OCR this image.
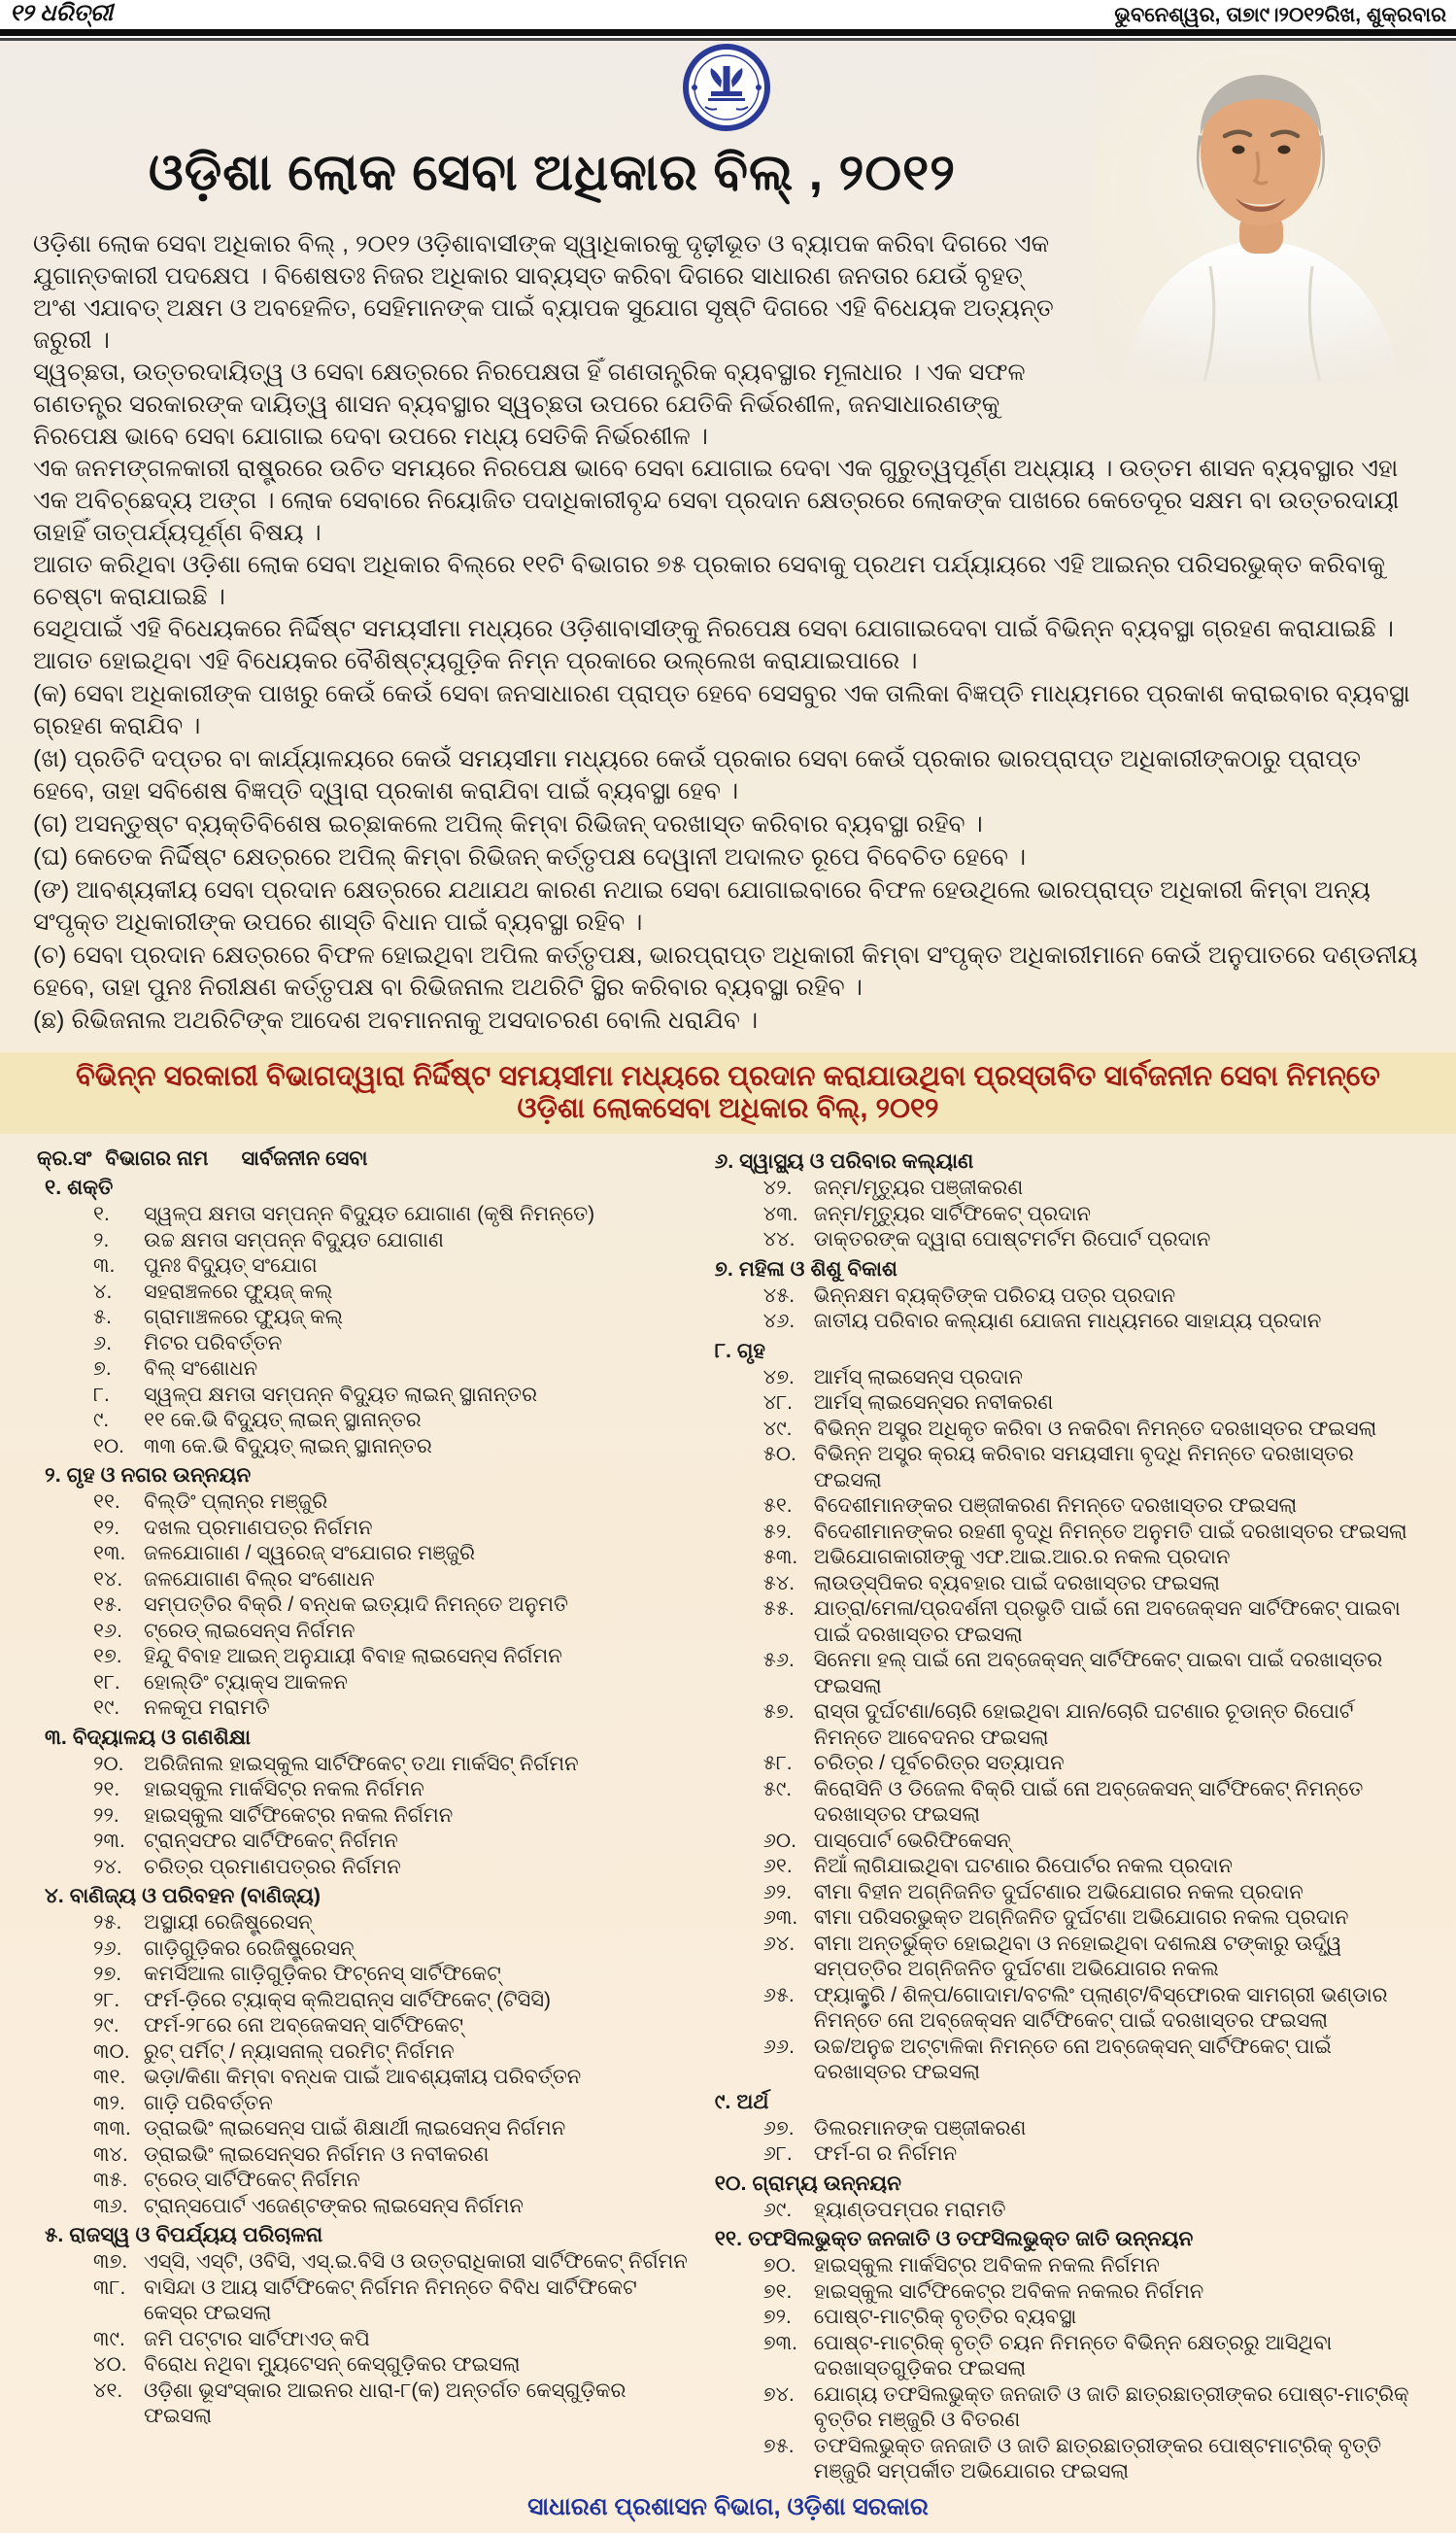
୧୨ ଧରିତ୍ରୀ	ଭୁବନେଶ୍ୱର, ତା୭ା୯।୨୦୧୨ରିଖ, ଶୁକ୍ରବାର
ଓଡ଼ିଶା ଲୋକ ସେବା ଅଧିକାର ବିଲ୍ , ୨୦୧୨

ଓଡ଼ିଶା ଲୋକ ସେବା ଅଧିକାର ବିଲ୍ , ୨୦୧୨ ଓଡ଼ିଶାବାସୀଙ୍କ ସ୍ୱାଧିକାରକୁ ଦୃଢ଼ୀଭୂତ ଓ ବ୍ୟାପକ କରିବା ଦିଗରେ ଏକ ଯୁଗାନ୍ତକାରୀ ପଦକ୍ଷେପ । ବିଶେଷତଃ ନିଜର ଅଧିକାର ସାବ୍ୟସ୍ତ କରିବା ଦିଗରେ ସାଧାରଣ ଜନତାର ଯେଉଁ ବୃହତ୍ ଅଂଶ ଏଯାବତ୍ ଅକ୍ଷମ ଓ ଅବହେଳିତ, ସେହିମାନଙ୍କ ପାଇଁ ବ୍ୟାପକ ସୁଯୋଗ ସୃଷ୍ଟି ଦିଗରେ ଏହି ବିଧେୟକ ଅତ୍ୟନ୍ତ ଜରୁରୀ ।

ସ୍ୱଚ୍ଛତା, ଉତ୍ତରଦାୟିତ୍ୱ ଓ ସେବା କ୍ଷେତ୍ରରେ ନିରପେକ୍ଷତା ହିଁ ଗଣତାନ୍ତ୍ରିକ ବ୍ୟବସ୍ଥାର ମୂଳାଧାର । ଏକ ସଫଳ ଗଣତନ୍ତ୍ର ସରକାରଙ୍କ ଦାୟିତ୍ୱ ଶାସନ ବ୍ୟବସ୍ଥାର ସ୍ୱଚ୍ଛତା ଉପରେ ଯେତିକି ନିର୍ଭରଶୀଳ, ଜନସାଧାରଣଙ୍କୁ ନିରପେକ୍ଷ ଭାବେ ସେବା ଯୋଗାଇ ଦେବା ଉପରେ ମଧ୍ୟ ସେତିକି ନିର୍ଭରଶୀଳ ।

ଏକ ଜନମଙ୍ଗଳକାରୀ ରାଷ୍ଟ୍ରରେ ଉଚିତ ସମୟରେ ନିରପେକ୍ଷ ଭାବେ ସେବା ଯୋଗାଇ ଦେବା ଏକ ଗୁରୁତ୍ୱପୂର୍ଣ୍ଣ ଅଧ୍ୟାୟ । ଉତ୍ତମ ଶାସନ ବ୍ୟବସ୍ଥାର ଏହା ଏକ ଅବିଚ୍ଛେଦ୍ୟ ଅଙ୍ଗ । ଲୋକ ସେବାରେ ନିୟୋଜିତ ପଦାଧିକାରୀବୃନ୍ଦ ସେବା ପ୍ରଦାନ କ୍ଷେତ୍ରରେ ଲୋକଙ୍କ ପାଖରେ କେତେଦୂର ସକ୍ଷମ ବା ଉତ୍ତରଦାୟୀ ତାହାହିଁ ତାତ୍ପର୍ଯ୍ୟପୂର୍ଣ୍ଣ ବିଷୟ ।

ଆଗତ କରିଥିବା ଓଡ଼ିଶା ଲୋକ ସେବା ଅଧିକାର ବିଲ୍‌ରେ ୧୧ଟି ବିଭାଗର ୭୫ ପ୍ରକାର ସେବାକୁ ପ୍ରଥମ ପର୍ଯ୍ୟାୟରେ ଏହି ଆଇନ୍‌ର ପରିସରଭୁକ୍ତ କରିବାକୁ ଚେଷ୍ଟା କରାଯାଇଛି ।

ସେଥିପାଇଁ ଏହି ବିଧେୟକରେ ନିର୍ଦ୍ଦିଷ୍ଟ ସମୟସୀମା ମଧ୍ୟରେ ଓଡ଼ିଶାବାସୀଙ୍କୁ ନିରପେକ୍ଷ ସେବା ଯୋଗାଇଦେବା ପାଇଁ ବିଭିନ୍ନ ବ୍ୟବସ୍ଥା ଗ୍ରହଣ କରାଯାଇଛି । ଆଗତ ହୋଇଥିବା ଏହି ବିଧେୟକର ବୈଶିଷ୍ଟ୍ୟଗୁଡ଼ିକ ନିମ୍ନ ପ୍ରକାରେ ଉଲ୍ଲେଖ କରାଯାଇପାରେ ।

(କ) ସେବା ଅଧିକାରୀଙ୍କ ପାଖରୁ କେଉଁ କେଉଁ ସେବା ଜନସାଧାରଣ ପ୍ରାପ୍ତ ହେବେ ସେସବୁର ଏକ ତାଲିକା ବିଜ୍ଞପ୍ତି ମାଧ୍ୟମରେ ପ୍ରକାଶ କରାଇବାର ବ୍ୟବସ୍ଥା ଗ୍ରହଣ କରାଯିବ ।

(ଖ) ପ୍ରତିଟି ଦପ୍ତର ବା କାର୍ଯ୍ୟାଳୟରେ କେଉଁ ସମୟସୀମା ମଧ୍ୟରେ କେଉଁ ପ୍ରକାର ସେବା କେଉଁ ପ୍ରକାର ଭାରପ୍ରାପ୍ତ ଅଧିକାରୀଙ୍କଠାରୁ ପ୍ରାପ୍ତ ହେବେ, ତାହା ସବିଶେଷ ବିଜ୍ଞପ୍ତି ଦ୍ୱାରା ପ୍ରକାଶ କରାଯିବା ପାଇଁ ବ୍ୟବସ୍ଥା ହେବ ।

(ଗ) ଅସନ୍ତୁଷ୍ଟ ବ୍ୟକ୍ତିବିଶେଷ ଇଚ୍ଛାକଲେ ଅପିଲ୍ କିମ୍ବା ରିଭିଜନ୍ ଦରଖାସ୍ତ କରିବାର ବ୍ୟବସ୍ଥା ରହିବ ।

(ଘ) କେତେକ ନିର୍ଦ୍ଦିଷ୍ଟ କ୍ଷେତ୍ରରେ ଅପିଲ୍ କିମ୍ବା ରିଭିଜନ୍ କର୍ତ୍ତୃପକ୍ଷ ଦେୱାନୀ ଅଦାଲତ ରୂପେ ବିବେଚିତ ହେବେ ।

(ଙ) ଆବଶ୍ୟକୀୟ ସେବା ପ୍ରଦାନ କ୍ଷେତ୍ରରେ ଯଥାଯଥ କାରଣ ନଥାଇ ସେବା ଯୋଗାଇବାରେ ବିଫଳ ହେଉଥିଲେ ଭାରପ୍ରାପ୍ତ ଅଧିକାରୀ କିମ୍ବା ଅନ୍ୟ ସଂପୃକ୍ତ ଅଧିକାରୀଙ୍କ ଉପରେ ଶାସ୍ତି ବିଧାନ ପାଇଁ ବ୍ୟବସ୍ଥା ରହିବ ।

(ଚ) ସେବା ପ୍ରଦାନ କ୍ଷେତ୍ରରେ ବିଫଳ ହୋଇଥିବା ଅପିଲ କର୍ତ୍ତୃପକ୍ଷ, ଭାରପ୍ରାପ୍ତ ଅଧିକାରୀ କିମ୍ବା ସଂପୃକ୍ତ ଅଧିକାରୀମାନେ କେଉଁ ଅନୁପାତରେ ଦଣ୍ଡନୀୟ ହେବେ, ତାହା ପୁନଃ ନିରୀକ୍ଷଣ କର୍ତ୍ତୃପକ୍ଷ ବା ରିଭିଜନାଲ ଅଥରିଟି ସ୍ଥିର କରିବାର ବ୍ୟବସ୍ଥା ରହିବ ।

(ଛ) ରିଭିଜନାଲ ଅଥରିଟିଙ୍କ ଆଦେଶ ଅବମାନନାକୁ ଅସଦାଚରଣ ବୋଲି ଧରାଯିବ ।

ବିଭିନ୍ନ ସରକାରୀ ବିଭାଗଦ୍ୱାରା ନିର୍ଦ୍ଦିଷ୍ଟ ସମୟସୀମା ମଧ୍ୟରେ ପ୍ରଦାନ କରାଯାଉଥିବା ପ୍ରସ୍ତାବିତ ସାର୍ବଜନୀନ ସେବା ନିମନ୍ତେ ଓଡ଼ିଶା ଲୋକସେବା ଅଧିକାର ବିଲ୍, ୨୦୧୨
କ୍ର.ସଂ ବିଭାଗର ନାମ ସାର୍ବଜନୀନ ସେବା
୧. ଶକ୍ତି
୧.	ସ୍ୱଳ୍ପ କ୍ଷମତା ସମ୍ପନ୍ନ ବିଦ୍ୟୁତ ଯୋଗାଣ (କୃଷି ନିମନ୍ତେ)
୨.	ଉଚ୍ଚ କ୍ଷମତା ସମ୍ପନ୍ନ ବିଦ୍ୟୁତ ଯୋଗାଣ
୩.	ପୁନଃ ବିଦ୍ୟୁତ୍ ସଂଯୋଗ
୪.	ସହରାଞ୍ଚଳରେ ଫ୍ୟୁଜ୍ କଲ୍
୫.	ଗ୍ରାମାଞ୍ଚଳରେ ଫ୍ୟୁଜ୍ କଲ୍
୬.	ମିଟର ପରିବର୍ତ୍ତନ
୭.	ବିଲ୍ ସଂଶୋଧନ
୮.	ସ୍ୱଳ୍ପ କ୍ଷମତା ସମ୍ପନ୍ନ ବିଦ୍ୟୁତ ଲାଇନ୍ ସ୍ଥାନାନ୍ତର
୯.	୧୧ କେ.ଭି ବିଦ୍ୟୁତ୍ ଲାଇନ୍ ସ୍ଥାନାନ୍ତର
୧୦. ୩୩ କେ.ଭି ବିଦ୍ୟୁତ୍ ଲାଇନ୍ ସ୍ଥାନାନ୍ତର
୨. ଗୃହ ଓ ନଗର ଉନ୍ନୟନ
୧୧.	ବିଲ୍ଡିଂ ପ୍ଲାନ୍‌ର ମଞ୍ଜୁରି
୧୨.	ଦଖଲ ପ୍ରମାଣପତ୍ର ନିର୍ଗମନ
୧୩. ଜଳଯୋଗାଣ / ସ୍ୱରେଜ୍ ସଂଯୋଗର ମଞ୍ଜୁରି
୧୪.	ଜଳଯୋଗାଣ ବିଲ୍‌ର ସଂଶୋଧନ
୧୫.	ସମ୍ପତ୍ତିର ବିକ୍ରି / ବନ୍ଧକ ଇତ୍ୟାଦି ନିମନ୍ତେ ଅନୁମତି
୧୬.	ଟ୍ରେଡ୍ ଲାଇସେନ୍ସ ନିର୍ଗମନ
୧୭.	ହିନ୍ଦୁ ବିବାହ ଆଇନ୍ ଅନୁଯାୟୀ ବିବାହ ଲାଇସେନ୍ସ ନିର୍ଗମନ
୧୮.	ହୋଲ୍ଡିଂ ଟ୍ୟାକ୍ସ ଆକଳନ
୧୯.	ନଳକୂପ ମରାମତି
୩. ବିଦ୍ୟାଳୟ ଓ ଗଣଶିକ୍ଷା
୨୦. ଅରିଜିନାଲ ହାଇସ୍କୁଲ ସାର୍ଟିଫିକେଟ୍ ତଥା ମାର୍କସିଟ୍ ନିର୍ଗମନ
୨୧.	ହାଇସ୍କୁଲ ମାର୍କସିଟ୍‌ର ନକଲ ନିର୍ଗମନ
୨୨.	ହାଇସ୍କୁଲ ସାର୍ଟିଫିକେଟ୍‌ର ନକଲ ନିର୍ଗମନ
୨୩. ଟ୍ରାନ୍ସଫର ସାର୍ଟିଫିକେଟ୍ ନିର୍ଗମନ
୨୪.	ଚରିତ୍ର ପ୍ରମାଣପତ୍ରର ନିର୍ଗମନ
୪. ବାଣିଜ୍ୟ ଓ ପରିବହନ (ବାଣିଜ୍ୟ)
୨୫.	ଅସ୍ଥାୟୀ ରେଜିଷ୍ଟ୍ରେସନ୍
୨୬.	ଗାଡ଼ିଗୁଡ଼ିକର ରେଜିଷ୍ଟ୍ରେସନ୍
୨୭.	କମର୍ସିଆଲ ଗାଡ଼ିଗୁଡ଼ିକର ଫିଟ୍‌ନେସ୍ ସାର୍ଟିଫିକେଟ୍
୨୮.	ଫର୍ମ-ଡ଼ିରେ ଟ୍ୟାକ୍ସ କ୍ଲିଅରାନ୍ସ ସାର୍ଟିଫିକେଟ୍ (ଟିସିସି)
୨୯.	ଫର୍ମ-୨୮ରେ ନୋ ଅବ୍‌ଜେକସନ୍ ସାର୍ଟିଫିକେଟ୍
୩୦. ରୁଟ୍ ପର୍ମିଟ୍ / ନ୍ୟାସନାଲ୍ ପରମିଟ୍ ନିର୍ଗମନ
୩୧. ଭଡ଼ା/କିଣା କିମ୍ବା ବନ୍ଧକ ପାଇଁ ଆବଶ୍ୟକୀୟ ପରିବର୍ତ୍ତନ
୩୨. ଗାଡ଼ି ପରିବର୍ତ୍ତନ
୩୩. ଡ୍ରାଇଭିଂ ଲାଇସେନ୍ସ ପାଇଁ ଶିକ୍ଷାର୍ଥୀ ଲାଇସେନ୍ସ ନିର୍ଗମନ
୩୪. ଡ୍ରାଇଭିଂ ଲାଇସେନ୍ସର ନିର୍ଗମନ ଓ ନବୀକରଣ
୩୫. ଟ୍ରେଡ୍ ସାର୍ଟିଫିକେଟ୍ ନିର୍ଗମନ
୩୬. ଟ୍ରାନ୍ସପୋର୍ଟ ଏଜେଣ୍ଟଙ୍କର ଲାଇସେନ୍ସ ନିର୍ଗମନ
୫. ରାଜସ୍ୱ ଓ ବିପର୍ଯ୍ୟୟ ପରିଚାଳନା
୩୭. ଏସ୍‌ସି, ଏସ୍‌ଟି, ଓବିସି, ଏସ୍.ଇ.ବିସି ଓ ଉତ୍ତରାଧିକାରୀ ସାର୍ଟିଫିକେଟ୍ ନିର୍ଗମନ
୩୮. ବାସିନ୍ଦା ଓ ଆୟ ସାର୍ଟିଫିକେଟ୍ ନିର୍ଗମନ ନିମନ୍ତେ ବିବିଧ ସାର୍ଟିଫିକେଟ କେସ୍‌ର ଫଇସଲା
୩୯. ଜମି ପଟ୍ଟାର ସାର୍ଟିଫାଏଡ୍ କପି
୪୦. ବିରୋଧ ନଥିବା ମ୍ୟୁଟେସନ୍ କେସ୍‌ଗୁଡ଼ିକର ଫଇସଲା
୪୧.	ଓଡ଼ିଶା ଭୂସଂସ୍କାର ଆଇନର ଧାରା-୮(କ) ଅନ୍ତର୍ଗତ କେସ୍‌ଗୁଡ଼ିକର ଫଇସଲା
୬. ସ୍ୱାସ୍ଥ୍ୟ ଓ ପରିବାର କଲ୍ୟାଣ
୪୨.	ଜନ୍ମ/ମୃତ୍ୟୁର ପଞ୍ଜୀକରଣ
୪୩. ଜନ୍ମ/ମୃତ୍ୟୁର ସାର୍ଟିଫିକେଟ୍ ପ୍ରଦାନ
୪୪. ଡାକ୍ତରଙ୍କ ଦ୍ୱାରା ପୋଷ୍ଟମର୍ଟମ ରିପୋର୍ଟ ପ୍ରଦାନ
୭. ମହିଳା ଓ ଶିଶୁ ବିକାଶ
୪୫. ଭିନ୍ନକ୍ଷମ ବ୍ୟକ୍ତିଙ୍କ ପରିଚୟ ପତ୍ର ପ୍ରଦାନ
୪୬. ଜାତୀୟ ପରିବାର କଲ୍ୟାଣ ଯୋଜନା ମାଧ୍ୟମରେ ସାହାଯ୍ୟ ପ୍ରଦାନ
୮. ଗୃହ
୪୭. ଆର୍ମସ୍ ଲାଇସେନ୍ସ ପ୍ରଦାନ
୪୮.	ଆର୍ମସ୍ ଲାଇସେନ୍ସର ନବୀକରଣ
୪୯.	ବିଭିନ୍ନ ଅସ୍ତ୍ର ଅଧିକୃତ କରିବା ଓ ନକରିବା ନିମନ୍ତେ ଦରଖାସ୍ତର ଫଇସଲା
୫୦. ବିଭିନ୍ନ ଅସ୍ତ୍ର କ୍ରୟ କରିବାର ସମୟସୀମା ବୃଦ୍ଧି ନିମନ୍ତେ ଦରଖାସ୍ତର ଫଇସଲା
୫୧.	ବିଦେଶୀମାନଙ୍କର ପଞ୍ଜୀକରଣ ନିମନ୍ତେ ଦରଖାସ୍ତର ଫଇସଲା
୫୨.	ବିଦେଶୀମାନଙ୍କର ରହଣୀ ବୃଦ୍ଧି ନିମନ୍ତେ ଅନୁମତି ପାଇଁ ଦରଖାସ୍ତର ଫଇସଲା
୫୩. ଅଭିଯୋଗକାରୀଙ୍କୁ ଏଫ.ଆଇ.ଆର.ର ନକଲ ପ୍ରଦାନ
୫୪. ଲାଉଡ୍‌ସ୍ପିକର ବ୍ୟବହାର ପାଇଁ ଦରଖାସ୍ତର ଫଇସଲା
୫୫. ଯାତ୍ରା/ମେଳା/ପ୍ରଦର୍ଶନୀ ପ୍ରଭୃତି ପାଇଁ ନୋ ଅବଜେକ୍ସନ ସାର୍ଟିଫିକେଟ୍ ପାଇବା ପାଇଁ ଦରଖାସ୍ତର ଫଇସଲା
୫୬. ସିନେମା ହଲ୍ ପାଇଁ ନୋ ଅବ୍‌ଜେକ୍ସନ୍ ସାର୍ଟିଫିକେଟ୍ ପାଇବା ପାଇଁ ଦରଖାସ୍ତର ଫଇସଲା
୫୭. ରାସ୍ତା ଦୁର୍ଘଟଣା/ଚୋରି ହୋଇଥିବା ଯାନ/ଚୋରି ଘଟଣାର ଚୂଡାନ୍ତ ରିପୋର୍ଟ ନିମନ୍ତେ ଆବେଦନର ଫଇସଲା
୫୮.	ଚରିତ୍ର / ପୂର୍ବଚରିତ୍ର ସତ୍ୟାପନ
୫୯.	କିରୋସିନି ଓ ଡିଜେଲ ବିକ୍ରି ପାଇଁ ନୋ ଅବ୍‌ଜେକସନ୍ ସାର୍ଟିଫିକେଟ୍ ନିମନ୍ତେ ଦରଖାସ୍ତର ଫଇସଲା
୬୦. ପାସ୍‌ପୋର୍ଟ ଭେରିଫିକେସନ୍
୬୧.	ନିଆଁ ଲାଗିଯାଇଥିବା ଘଟଣାର ରିପୋର୍ଟର ନକଲ ପ୍ରଦାନ
୬୨.	ବୀମା ବିହୀନ ଅଗ୍ନିଜନିତ ଦୁର୍ଘଟଣାର ଅଭିଯୋଗର ନକଲ ପ୍ରଦାନ
୬୩. ବୀମା ପରିସରଭୁକ୍ତ ଅଗ୍ନିଜନିତ ଦୁର୍ଘଟଣା ଅଭିଯୋଗର ନକଲ ପ୍ରଦାନ
୬୪. ବୀମା ଅନ୍ତର୍ଭୁକ୍ତ ହୋଇଥିବା ଓ ନହୋଇଥିବା ଦଶଲକ୍ଷ ଟଙ୍କାରୁ ଊର୍ଦ୍ଧ୍ୱ ସମ୍ପତ୍ତିର ଅଗ୍ନିଜନିତ ଦୁର୍ଘଟଣା ଅଭିଯୋଗର ନକଲ
୬୫. ଫ୍ୟାକ୍ଟ୍ରି / ଶିଳ୍ପ/ଗୋଦାମ/ବଟଲିଂ ପ୍ଲାଣ୍ଟ/ବିସ୍ଫୋରକ ସାମଗ୍ରୀ ଭଣ୍ଡାର ନିମନ୍ତେ ନୋ ଅବ୍‌ଜେକ୍ସନ ସାର୍ଟିଫିକେଟ୍ ପାଇଁ ଦରଖାସ୍ତର ଫଇସଲା
୬୬. ଉଚ୍ଚ/ଅନୁଚ୍ଚ ଅଟ୍ଟାଳିକା ନିମନ୍ତେ ନୋ ଅବ୍‌ଜେକ୍ସନ୍ ସାର୍ଟିଫିକେଟ୍ ପାଇଁ ଦରଖାସ୍ତର ଫଇସଲା
୯. ଅର୍ଥ
୬୭. ଡିଲରମାନଙ୍କ ପଞ୍ଜୀକରଣ
୬୮.	ଫର୍ମ-ଗ ର ନିର୍ଗମନ
୧୦. ଗ୍ରାମ୍ୟ ଉନ୍ନୟନ
୬୯.	ହ୍ୟାଣ୍ଡପମ୍ପର ମରାମତି
୧୧. ତଫସିଲଭୁକ୍ତ ଜନଜାତି ଓ ତଫସିଲଭୁକ୍ତ ଜାତି ଉନ୍ନୟନ
୭୦. ହାଇସ୍କୁଲ ମାର୍କସିଟ୍‌ର ଅବିକଳ ନକଲ ନିର୍ଗମନ
୭୧.	ହାଇସ୍କୁଲ ସାର୍ଟିଫିକେଟ୍‌ର ଅବିକଳ ନକଲର ନିର୍ଗମନ
୭୨.	ପୋଷ୍ଟ-ମାଟ୍ରିକ୍ ବୃତ୍ତିର ବ୍ୟବସ୍ଥା
୭୩. ପୋଷ୍ଟ-ମାଟ୍ରିକ୍ ବୃତ୍ତି ଚୟନ ନିମନ୍ତେ ବିଭିନ୍ନ କ୍ଷେତ୍ରରୁ ଆସିଥିବା ଦରଖାସ୍ତଗୁଡ଼ିକର ଫଇସଲା
୭୪. ଯୋଗ୍ୟ ତଫସିଲଭୁକ୍ତ ଜନଜାତି ଓ ଜାତି ଛାତ୍ରଛାତ୍ରୀଙ୍କର ପୋଷ୍ଟ-ମାଟ୍ରିକ୍ ବୃତ୍ତିର ମଞ୍ଜୁରି ଓ ବିତରଣ
୭୫. ତଫସିଲଭୁକ୍ତ ଜନଜାତି ଓ ଜାତି ଛାତ୍ରଛାତ୍ରୀଙ୍କର ପୋଷ୍ଟମାଟ୍ରିକ୍ ବୃତ୍ତି ମଞ୍ଜୁରି ସମ୍ପର୍କୀତ ଅଭିଯୋଗର ଫଇସଲା
ସାଧାରଣ ପ୍ରଶାସନ ବିଭାଗ, ଓଡ଼ିଶା ସରକାର
